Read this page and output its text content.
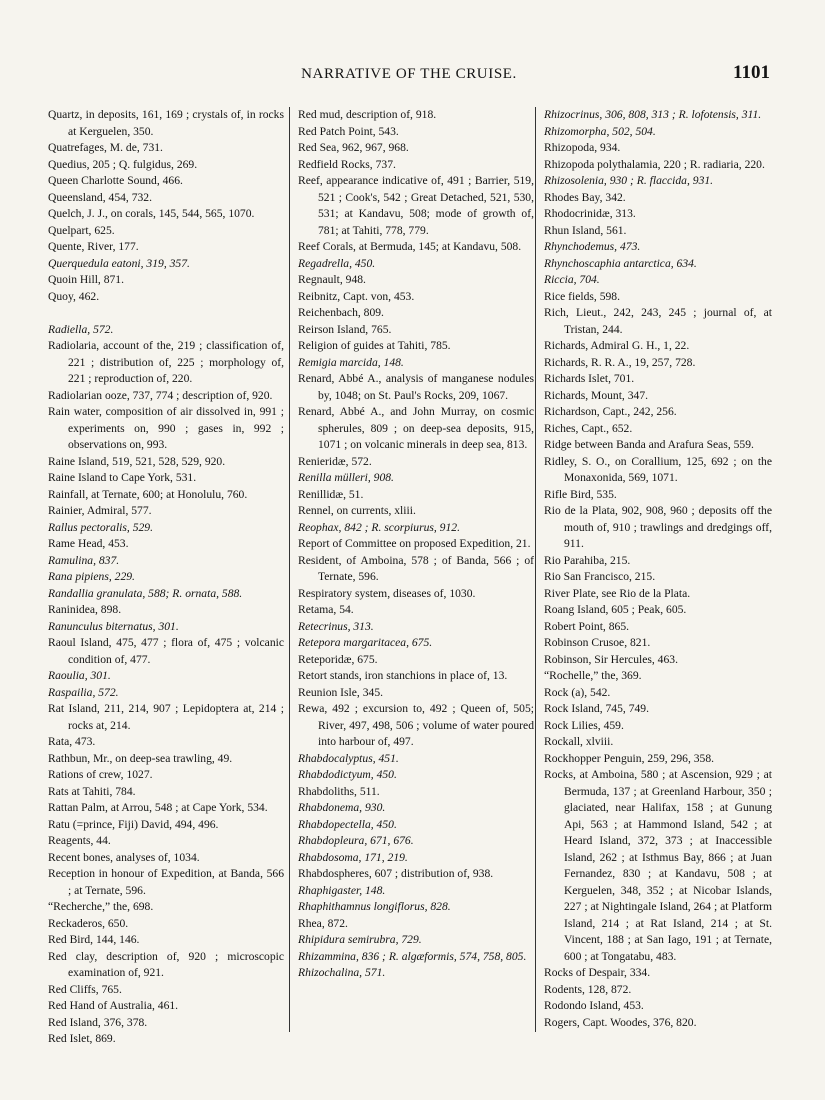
NARRATIVE OF THE CRUISE.	1101
Quartz, in deposits, 161, 169 ; crystals of, in rocks at Kerguelen, 350.
Quatrefages, M. de, 731.
Quedius, 205 ; Q. fulgidus, 269.
Queen Charlotte Sound, 466.
Queensland, 454, 732.
Quelch, J. J., on corals, 145, 544, 565, 1070.
Quelpart, 625.
Quente, River, 177.
Querquedula eatoni, 319, 357.
Quoin Hill, 871.
Quoy, 462.
Radiella, 572.
Radiolaria, account of the, 219 ; classification of, 221 ; distribution of, 225 ; morphology of, 221 ; reproduction of, 220.
Radiolarian ooze, 737, 774 ; description of, 920.
Rain water, composition of air dissolved in, 991 ; experiments on, 990 ; gases in, 992 ; observations on, 993.
Raine Island, 519, 521, 528, 529, 920.
Raine Island to Cape York, 531.
Rainfall, at Ternate, 600; at Honolulu, 760.
Rainier, Admiral, 577.
Rallus pectoralis, 529.
Rame Head, 453.
Ramulina, 837.
Rana pipiens, 229.
Randallia granulata, 588; R. ornata, 588.
Raninidea, 898.
Ranunculus biternatus, 301.
Raoul Island, 475, 477 ; flora of, 475 ; volcanic condition of, 477.
Raoulia, 301.
Raspailia, 572.
Rat Island, 211, 214, 907 ; Lepidoptera at, 214 ; rocks at, 214.
Rata, 473.
Rathbun, Mr., on deep-sea trawling, 49.
Rations of crew, 1027.
Rats at Tahiti, 784.
Rattan Palm, at Arrou, 548 ; at Cape York, 534.
Ratu (=prince, Fiji) David, 494, 496.
Reagents, 44.
Recent bones, analyses of, 1034.
Reception in honour of Expedition, at Banda, 566 ; at Ternate, 596.
“Recherche,” the, 698.
Reckaderos, 650.
Red Bird, 144, 146.
Red clay, description of, 920 ; microscopic examination of, 921.
Red Cliffs, 765.
Red Hand of Australia, 461.
Red Island, 376, 378.
Red Islet, 869.
Red mud, description of, 918.
Red Patch Point, 543.
Red Sea, 962, 967, 968.
Redfield Rocks, 737.
Reef, appearance indicative of, 491 ; Barrier, 519, 521 ; Cook's, 542 ; Great Detached, 521, 530, 531; at Kandavu, 508; mode of growth of, 781; at Tahiti, 778, 779.
Reef Corals, at Bermuda, 145; at Kandavu, 508.
Regadrella, 450.
Regnault, 948.
Reibnitz, Capt. von, 453.
Reichenbach, 809.
Reirson Island, 765.
Religion of guides at Tahiti, 785.
Remigia marcida, 148.
Renard, Abbé A., analysis of manganese nodules by, 1048; on St. Paul's Rocks, 209, 1067.
Renard, Abbé A., and John Murray, on cosmic spherules, 809 ; on deep-sea deposits, 915, 1071 ; on volcanic minerals in deep sea, 813.
Renieridæ, 572.
Renilla mülleri, 908.
Renillidæ, 51.
Rennel, on currents, xliii.
Reophax, 842 ; R. scorpiurus, 912.
Report of Committee on proposed Expedition, 21.
Resident, of Amboina, 578 ; of Banda, 566 ; of Ternate, 596.
Respiratory system, diseases of, 1030.
Retama, 54.
Retecrinus, 313.
Retepora margaritacea, 675.
Reteporidæ, 675.
Retort stands, iron stanchions in place of, 13.
Reunion Isle, 345.
Rewa, 492 ; excursion to, 492 ; Queen of, 505; River, 497, 498, 506 ; volume of water poured into harbour of, 497.
Rhabdocalyptus, 451.
Rhabdodictyum, 450.
Rhabdoliths, 511.
Rhabdonema, 930.
Rhabdopectella, 450.
Rhabdopleura, 671, 676.
Rhabdosoma, 171, 219.
Rhabdospheres, 607 ; distribution of, 938.
Rhaphigaster, 148.
Rhaphithamnus longiflorus, 828.
Rhea, 872.
Rhipidura semirubra, 729.
Rhizammina, 836 ; R. algæformis, 574, 758, 805.
Rhizochalina, 571.
Rhizocrinus, 306, 808, 313 ; R. lofotensis, 311.
Rhizomorpha, 502, 504.
Rhizopoda, 934.
Rhizopoda polythalamia, 220 ; R. radiaria, 220.
Rhizosolenia, 930 ; R. flaccida, 931.
Rhodes Bay, 342.
Rhodocrinidæ, 313.
Rhun Island, 561.
Rhynchodemus, 473.
Rhynchoscaphia antarctica, 634.
Riccia, 704.
Rice fields, 598.
Rich, Lieut., 242, 243, 245 ; journal of, at Tristan, 244.
Richards, Admiral G. H., 1, 22.
Richards, R. R. A., 19, 257, 728.
Richards Islet, 701.
Richards, Mount, 347.
Richardson, Capt., 242, 256.
Riches, Capt., 652.
Ridge between Banda and Arafura Seas, 559.
Ridley, S. O., on Corallium, 125, 692 ; on the Monaxonida, 569, 1071.
Rifle Bird, 535.
Rio de la Plata, 902, 908, 960 ; deposits off the mouth of, 910 ; trawlings and dredgings off, 911.
Rio Parahiba, 215.
Rio San Francisco, 215.
River Plate, see Rio de la Plata.
Roang Island, 605 ; Peak, 605.
Robert Point, 865.
Robinson Crusoe, 821.
Robinson, Sir Hercules, 463.
“Rochelle,” the, 369.
Rock (a), 542.
Rock Island, 745, 749.
Rock Lilies, 459.
Rockall, xlviii.
Rockhopper Penguin, 259, 296, 358.
Rocks, at Amboina, 580 ; at Ascension, 929 ; at Bermuda, 137 ; at Greenland Harbour, 350 ; glaciated, near Halifax, 158 ; at Gunung Api, 563 ; at Hammond Island, 542 ; at Heard Island, 372, 373 ; at Inaccessible Island, 262 ; at Isthmus Bay, 866 ; at Juan Fernandez, 830 ; at Kandavu, 508 ; at Kerguelen, 348, 352 ; at Nicobar Islands, 227 ; at Nightingale Island, 264 ; at Platform Island, 214 ; at Rat Island, 214 ; at St. Vincent, 188 ; at San Iago, 191 ; at Ternate, 600 ; at Tongatabu, 483.
Rocks of Despair, 334.
Rodents, 128, 872.
Rodondo Island, 453.
Rogers, Capt. Woodes, 376, 820.
